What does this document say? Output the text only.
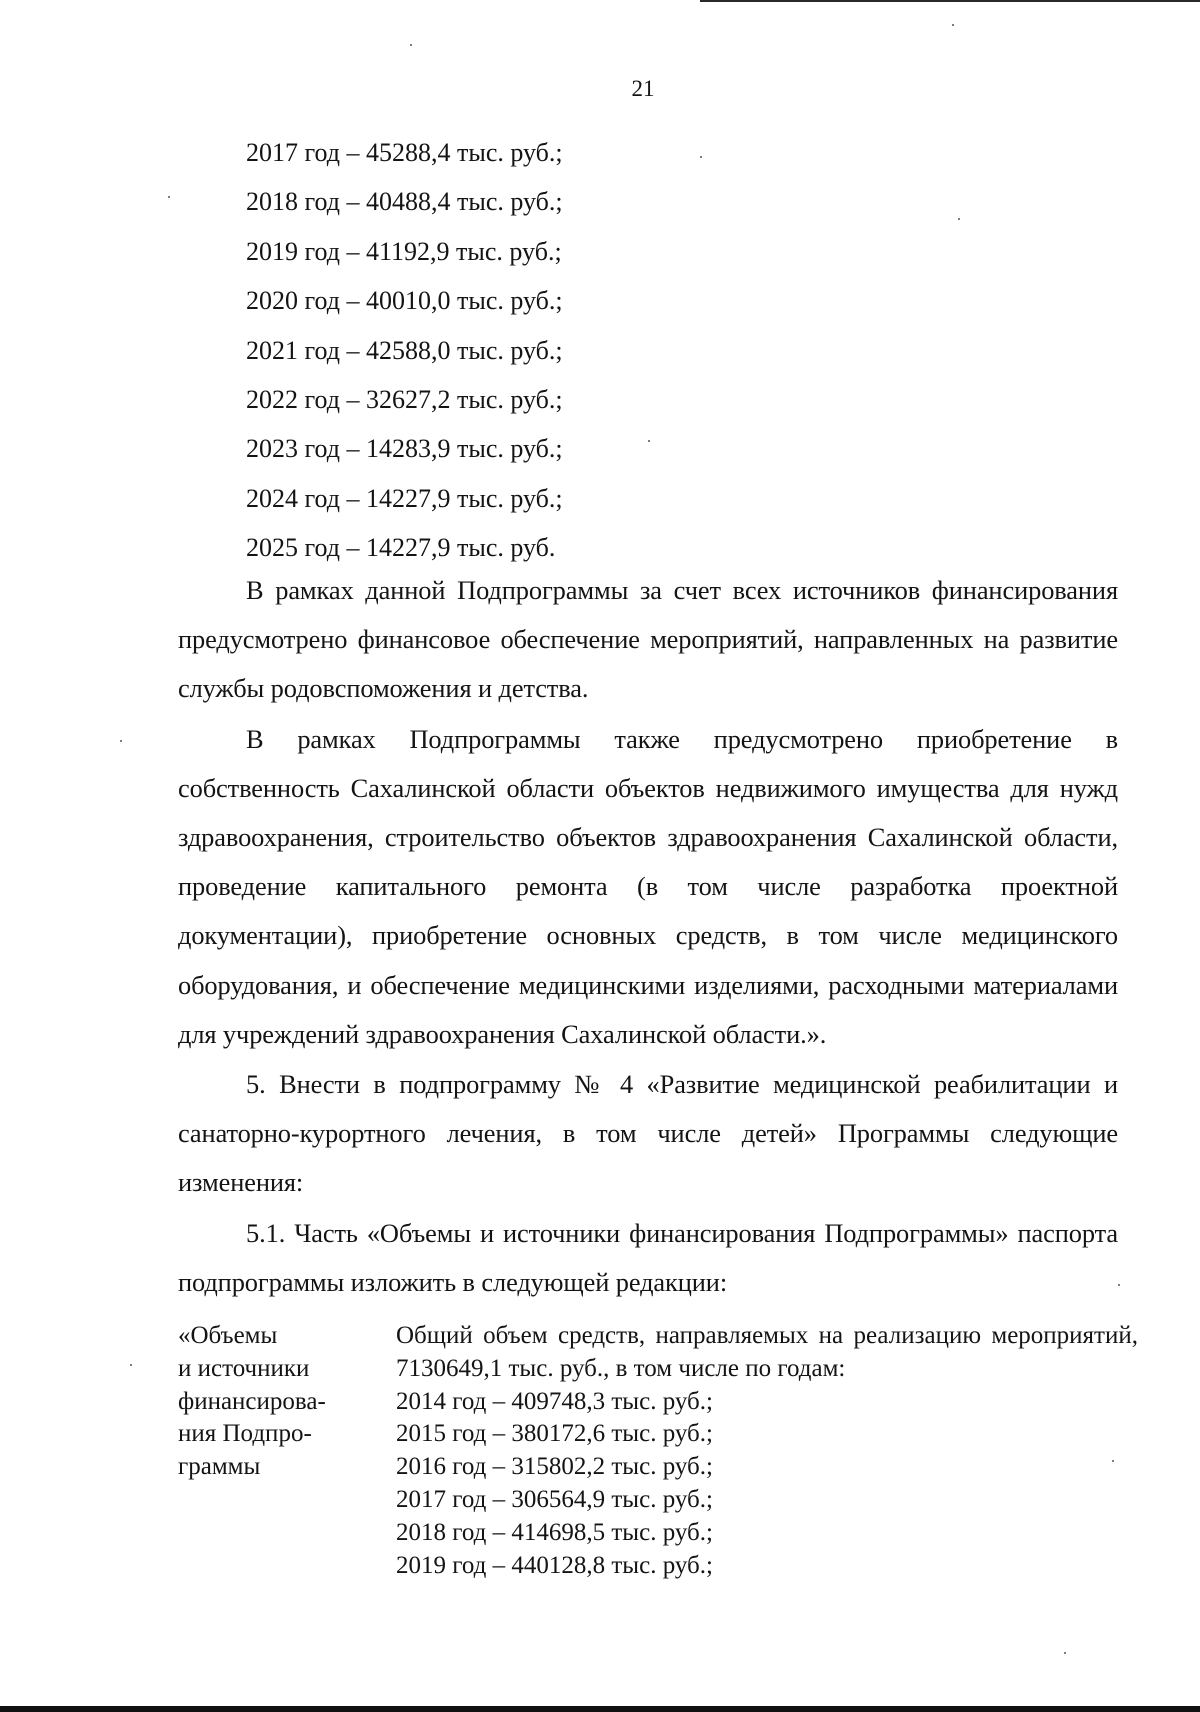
21
2017 год – 45288,4 тыс. руб.;
2018 год – 40488,4 тыс. руб.;
2019 год – 41192,9 тыс. руб.;
2020 год – 40010,0 тыс. руб.;
2021 год – 42588,0 тыс. руб.;
2022 год – 32627,2 тыс. руб.;
2023 год – 14283,9 тыс. руб.;
2024 год – 14227,9 тыс. руб.;
2025 год – 14227,9 тыс. руб.

В рамках данной Подпрограммы за счет всех источников финансирования предусмотрено финансовое обеспечение мероприятий, направленных на развитие службы родовспоможения и детства.

В рамках Подпрограммы также предусмотрено приобретение в собственность Сахалинской области объектов недвижимого имущества для нужд здравоохранения, строительство объектов здравоохранения Сахалинской области, проведение капитального ремонта (в том числе разработка проектной документации), приобретение основных средств, в том числе медицинского оборудования, и обеспечение медицинскими изделиями, расходными материалами для учреждений здравоохранения Сахалинской области.».

5. Внести в подпрограмму № 4 «Развитие медицинской реабилитации и санаторно-курортного лечения, в том числе детей» Программы следующие изменения:

5.1. Часть «Объемы и источники финансирования Подпрограммы» паспорта подпрограммы изложить в следующей редакции:

«Объемы
и источники
финансирова-
ния Подпро-
граммы

Общий объем средств, направляемых на реализацию мероприятий, 7130649,1 тыс. руб., в том числе по годам:

2014 год – 409748,3 тыс. руб.;
2015 год – 380172,6 тыс. руб.;
2016 год – 315802,2 тыс. руб.;
2017 год – 306564,9 тыс. руб.;
2018 год – 414698,5 тыс. руб.;
2019 год – 440128,8 тыс. руб.;
